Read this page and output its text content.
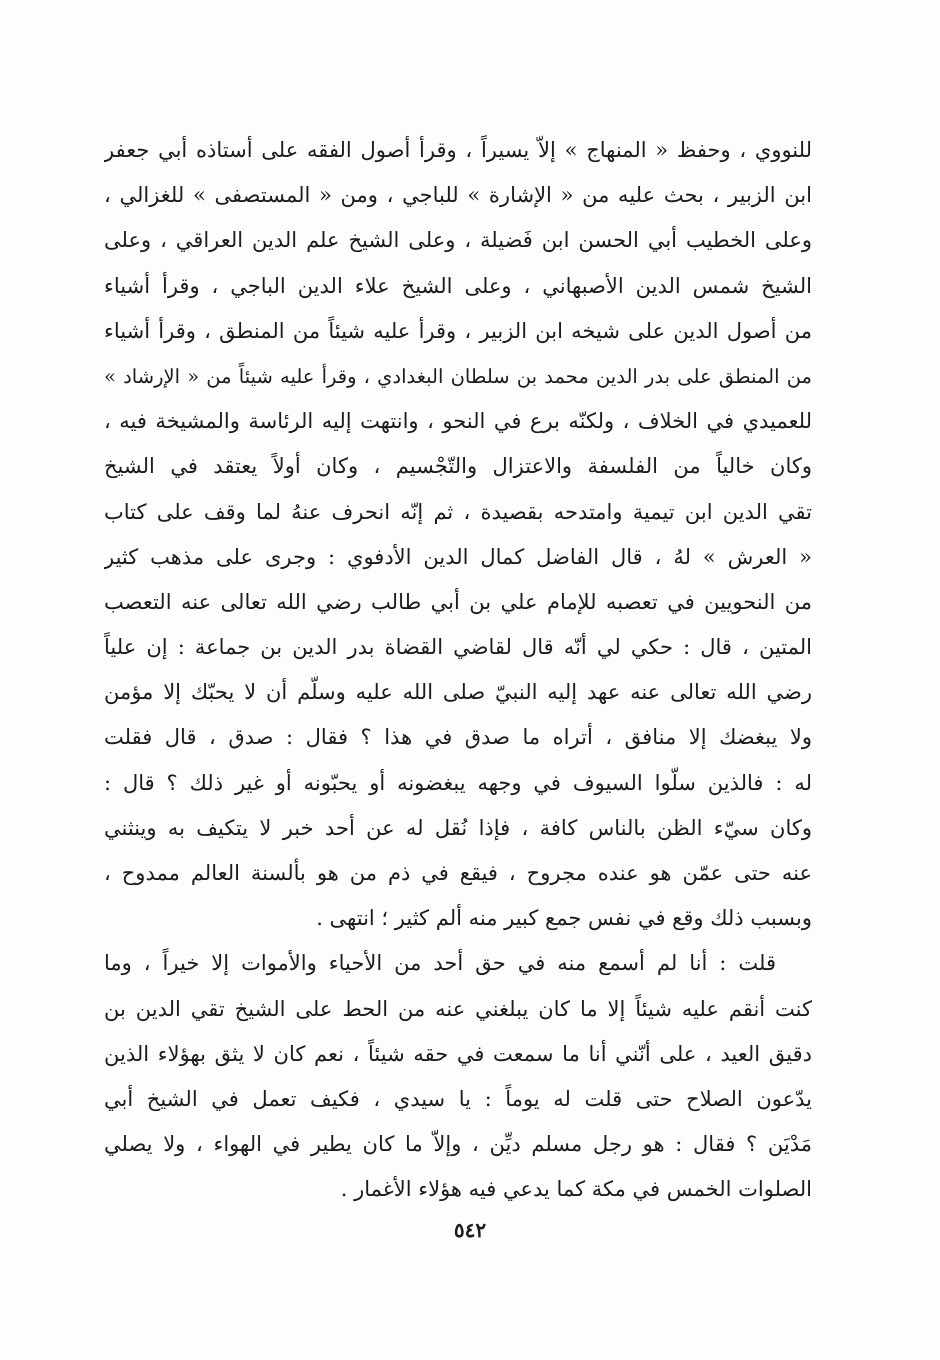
للنووي ، وحفظ « المنهاج » إلاّ يسيراً ، وقرأ أصول الفقه على أستاذه أبي جعفر
ابن الزبير ، بحث عليه من « الإشارة » للباجي ، ومن « المستصفى » للغزالي ،
وعلى الخطيب أبي الحسن ابن فَضيلة ، وعلى الشيخ علم الدين العراقي ، وعلى
الشيخ شمس الدين الأصبهاني ، وعلى الشيخ علاء الدين الباجي ، وقرأ أشياء
من أصول الدين على شيخه ابن الزبير ، وقرأ عليه شيئاً من المنطق ، وقرأ أشياء
من المنطق على بدر الدين محمد بن سلطان البغدادي ، وقرأ عليه شيئاً من « الإرشاد »
للعميدي في الخلاف ، ولكنّه برع في النحو ، وانتهت إليه الرئاسة والمشيخة فيه ،
وكان خالياً من الفلسفة والاعتزال والتّجْسيم ، وكان أولاً يعتقد في الشيخ
تقي الدين ابن تيمية وامتدحه بقصيدة ، ثم إنّه انحرف عنهُ لما وقف على كتاب
« العرش » لهُ ، قال الفاضل كمال الدين الأدفوي : وجرى على مذهب كثير
من النحويين في تعصبه للإمام علي بن أبي طالب رضي الله تعالى عنه التعصب
المتين ، قال : حكي لي أنّه قال لقاضي القضاة بدر الدين بن جماعة : إن علياً
رضي الله تعالى عنه عهد إليه النبيّ صلى الله عليه وسلّم أن لا يحبّك إلا مؤمن
ولا يبغضك إلا منافق ، أتراه ما صدق في هذا ؟ فقال : صدق ، قال فقلت
له : فالذين سلّوا السيوف في وجهه يبغضونه أو يحبّونه أو غير ذلك ؟ قال :
وكان سيّء الظن بالناس كافة ، فإذا نُقل له عن أحد خبر لا يتكيف به وينثني
عنه حتى عمّن هو عنده مجروح ، فيقع في ذم من هو بألسنة العالم ممدوح ،
وبسبب ذلك وقع في نفس جمع كبير منه ألم كثير ؛ انتهى .
قلت : أنا لم أسمع منه في حق أحد من الأحياء والأموات إلا خيراً ، وما
كنت أنقم عليه شيئاً إلا ما كان يبلغني عنه من الحط على الشيخ تقي الدين بن
دقيق العيد ، على أنّني أنا ما سمعت في حقه شيئاً ، نعم كان لا يثق بهؤلاء الذين
يدّعون الصلاح حتى قلت له يوماً : يا سيدي ، فكيف تعمل في الشيخ أبي
مَدْيَن ؟ فقال : هو رجل مسلم ديِّن ، وإلاّ ما كان يطير في الهواء ، ولا يصلي
الصلوات الخمس في مكة كما يدعي فيه هؤلاء الأغمار .
٥٤٢
